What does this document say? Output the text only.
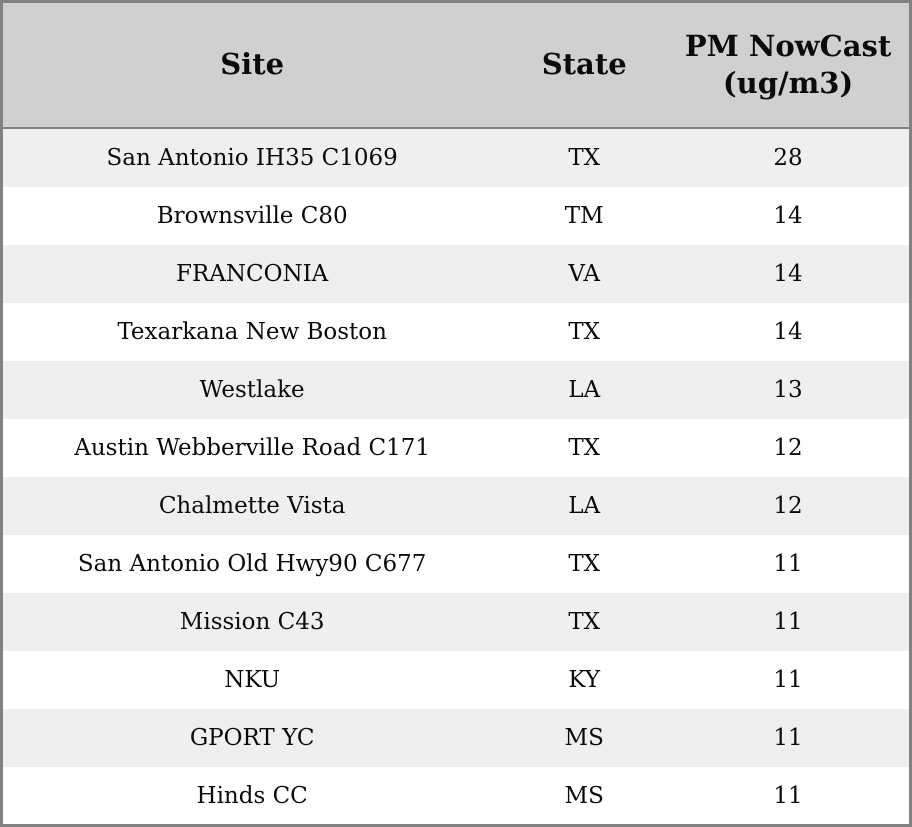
Site	State	PM NowCast (ug/m3)
San Antonio IH35 C1069	TX	28
Brownsville C80	TM	14
FRANCONIA	VA	14
Texarkana New Boston	TX	14
Westlake	LA	13
Austin Webberville Road C171	TX	12
Chalmette Vista	LA	12
San Antonio Old Hwy90 C677	TX	11
Mission C43	TX	11
NKU	KY	11
GPORT YC	MS	11
Hinds CC	MS	11
